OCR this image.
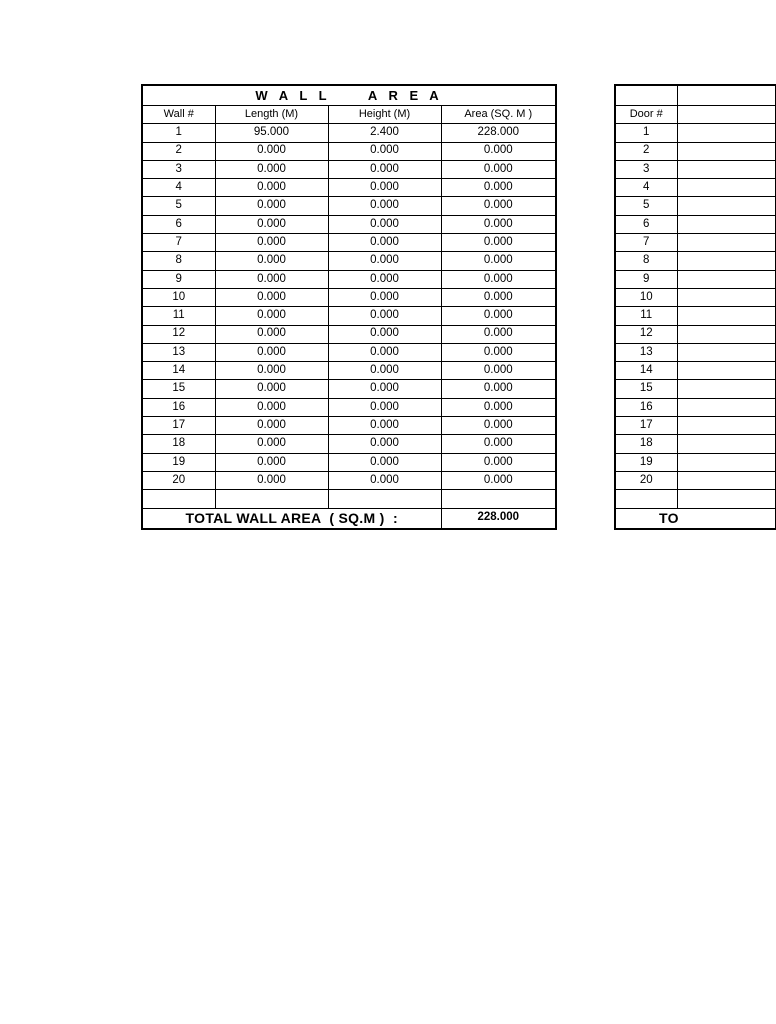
W A L L     A R E A			
Wall #	Length (M)	Height (M)	Area (SQ. M )
1	95.000	2.400	228.000
2	0.000	0.000	0.000
3	0.000	0.000	0.000
4	0.000	0.000	0.000
5	0.000	0.000	0.000
6	0.000	0.000	0.000
7	0.000	0.000	0.000
8	0.000	0.000	0.000
9	0.000	0.000	0.000
10	0.000	0.000	0.000
11	0.000	0.000	0.000
12	0.000	0.000	0.000
13	0.000	0.000	0.000
14	0.000	0.000	0.000
15	0.000	0.000	0.000
16	0.000	0.000	0.000
17	0.000	0.000	0.000
18	0.000	0.000	0.000
19	0.000	0.000	0.000
20	0.000	0.000	0.000

TOTAL WALL AREA  ( SQ.M )  :			228.000

Door #	
1	
2	
3	
4	
5	
6	
7	
8	
9	
10	
11	
12	
13	
14	
15	
16	
17	
18	
19	
20	

TO	
